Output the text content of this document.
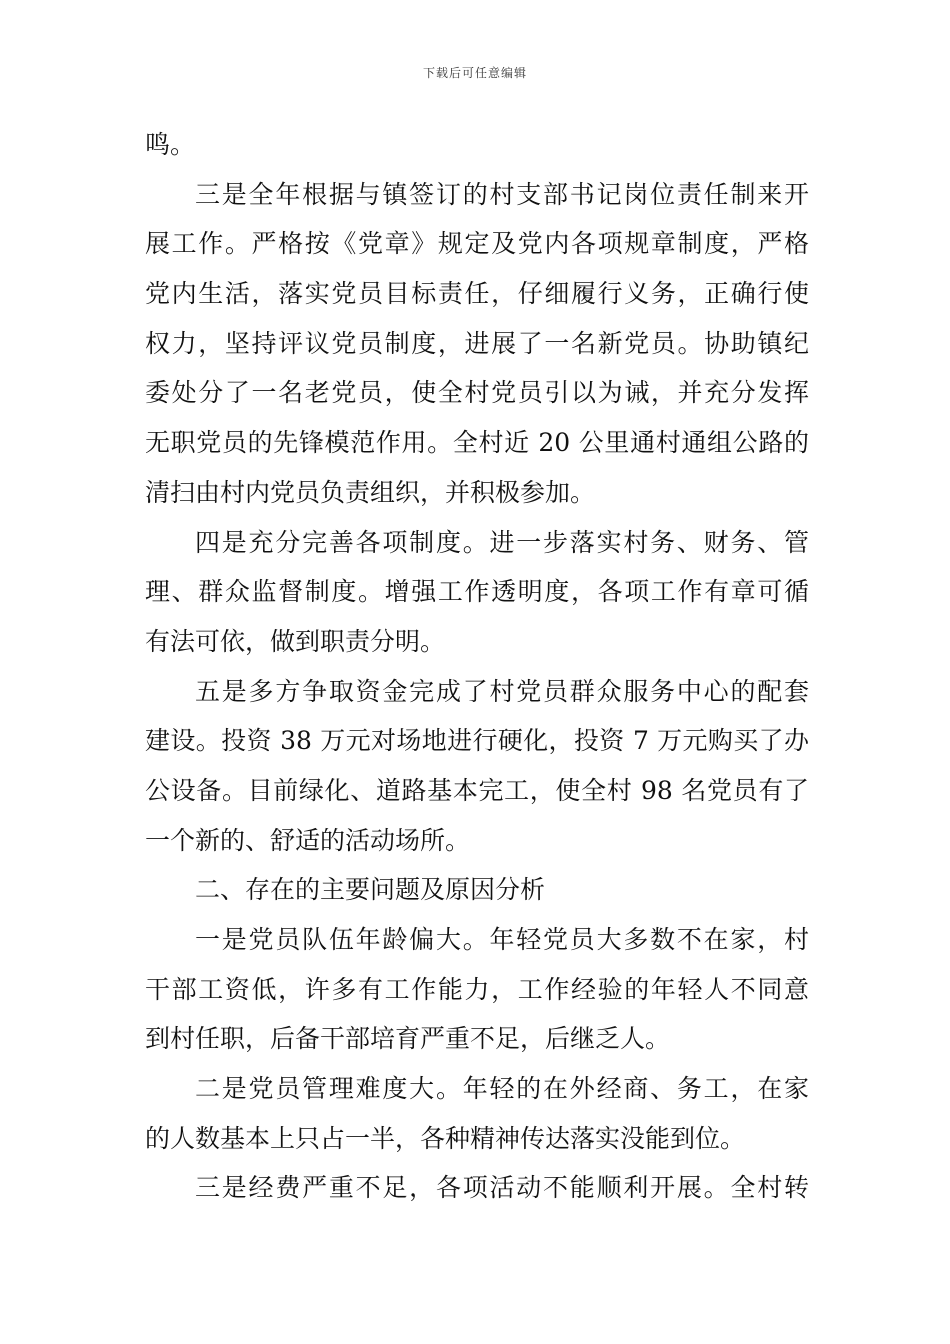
下载后可任意编辑
鸣。
三是全年根据与镇签订的村支部书记岗位责任制来开
展工作。严格按《党章》规定及党内各项规章制度，严格
党内生活，落实党员目标责任，仔细履行义务，正确行使
权力，坚持评议党员制度，进展了一名新党员。协助镇纪
委处分了一名老党员，使全村党员引以为诫，并充分发挥
无职党员的先锋模范作用。全村近 20 公里通村通组公路的
清扫由村内党员负责组织，并积极参加。
四是充分完善各项制度。进一步落实村务、财务、管
理、群众监督制度。增强工作透明度，各项工作有章可循
有法可依，做到职责分明。
五是多方争取资金完成了村党员群众服务中心的配套
建设。投资 38 万元对场地进行硬化，投资 7 万元购买了办
公设备。目前绿化、道路基本完工，使全村 98 名党员有了
一个新的、舒适的活动场所。
二、存在的主要问题及原因分析
一是党员队伍年龄偏大。年轻党员大多数不在家，村
干部工资低，许多有工作能力，工作经验的年轻人不同意
到村任职，后备干部培育严重不足，后继乏人。
二是党员管理难度大。年轻的在外经商、务工，在家
的人数基本上只占一半，各种精神传达落实没能到位。
三是经费严重不足，各项活动不能顺利开展。全村转
